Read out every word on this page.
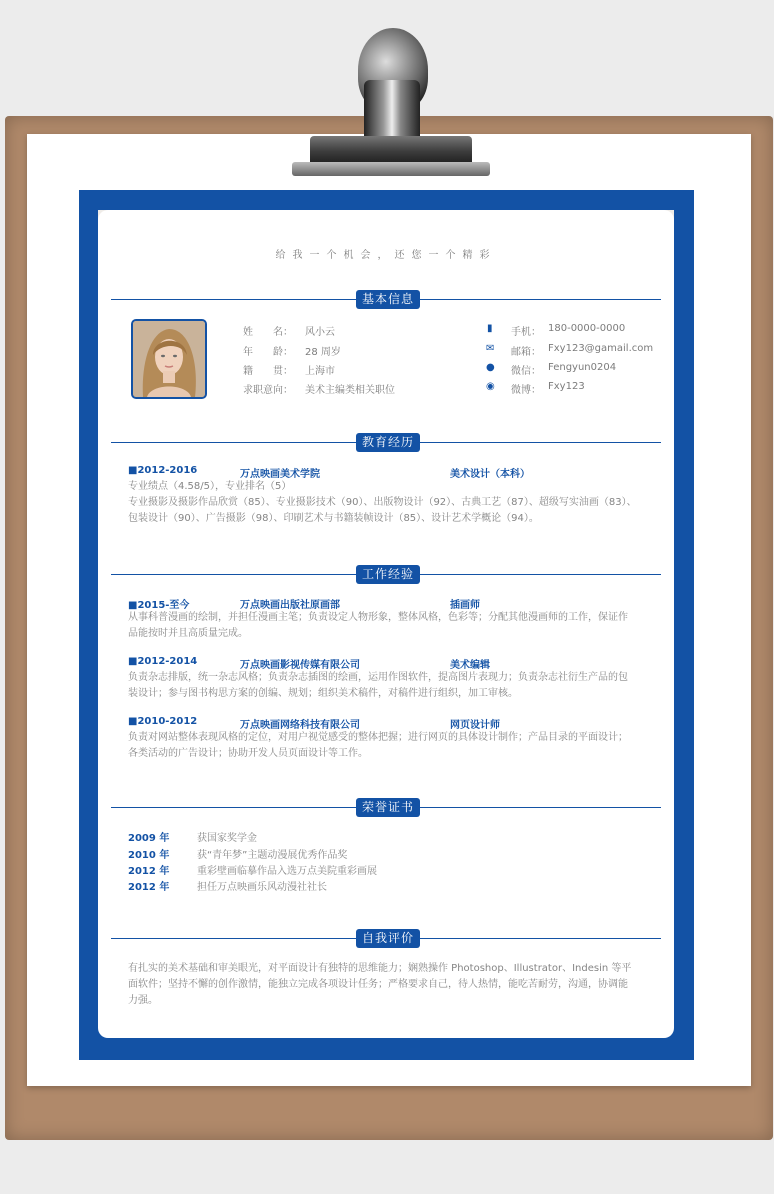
给我一个机会，还您一个精彩
基本信息
姓　　名： 风小云
年　　龄： 28 周岁
籍　　贯： 上海市
求职意向： 美术主编类相关职位
▮	手机： 180-0000-0000
✉ 邮箱： Fxy123@gamail.com
● 微信： Fengyun0204
◉ 微博： Fxy123
教育经历
■2012-2016	万点映画美术学院	美术设计（本科）
专业绩点（4.58/5），专业排名（5）
专业摄影及摄影作品欣赏（85）、专业摄影技术（90）、出版物设计（92）、古典工艺（87）、超级写实油画（83）、
包装设计（90）、广告摄影（98）、印刷艺术与书籍装帧设计（85）、设计艺术学概论（94）。
工作经验
■2015-至今	万点映画出版社原画部	插画师
从事科普漫画的绘制，并担任漫画主笔；负责设定人物形象，整体风格，色彩等；分配其他漫画师的工作，保证作
品能按时并且高质量完成。
■2012-2014	万点映画影视传媒有限公司	美术编辑
负责杂志排版，统一杂志风格；负责杂志插图的绘画，运用作图软件，提高图片表现力；负责杂志社衍生产品的包
装设计；参与图书构思方案的创编、规划；组织美术稿件，对稿件进行组织，加工审核。
■2010-2012	万点映画网络科技有限公司	网页设计师
负责对网站整体表现风格的定位，对用户视觉感受的整体把握；进行网页的具体设计制作；产品目录的平面设计；
各类活动的广告设计；协助开发人员页面设计等工作。
荣誉证书
2009 年	获国家奖学金
2010 年	获“青年梦”主题动漫展优秀作品奖
2012 年	重彩壁画临摹作品入选万点美院重彩画展
2012 年	担任万点映画乐风动漫社社长
自我评价
有扎实的美术基础和审美眼光，对平面设计有独特的思维能力；娴熟操作 Photoshop、Illustrator、Indesin 等平
面软件；坚持不懈的创作激情，能独立完成各项设计任务；严格要求自己，待人热情，能吃苦耐劳，沟通，协调能
力强。
